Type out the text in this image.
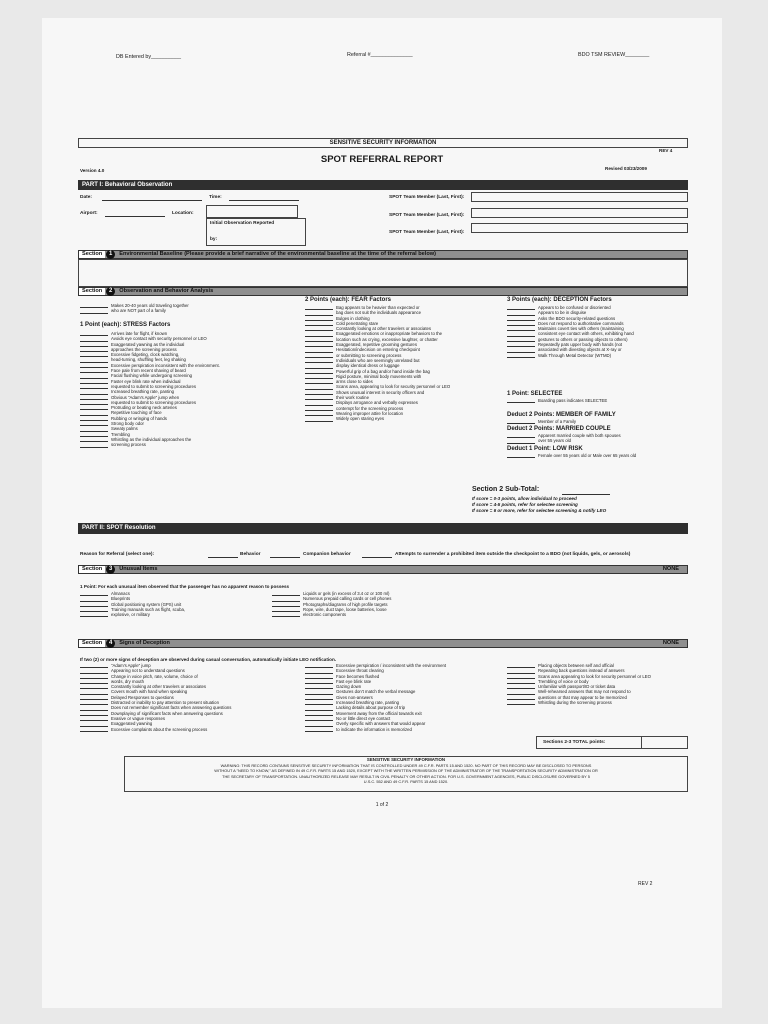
DB Entered by__________	Referral #______________	BDO TSM REVIEW________
SENSITIVE SECURITY INFORMATION
REV 4
SPOT REFERRAL REPORT
Version 4.0	Revised 03/23/2009
PART I: Behavioral Observation
Date:	Time:
Airport:	Location:
Initial Observation Reported
by:
SPOT Team Member (Last, First):
SPOT Team Member (Last, First):
SPOT Team Member (Last, First):
Section 1 Environmental Baseline (Please provide a brief narrative of the environmental baseline at the time of the referral below)
Section 2 Observation and Behavior Analysis
Makes 20-40 years old traveling together
who are NOT part of a family
1 Point (each): STRESS Factors
Arrives late for flight, if known
Avoids eye contact with security personnel or LEO
Exaggerated yawning as the individual
approaches the screening process
Excessive fidgeting, clock watching,
head-turning, shuffling feet, leg shaking
Excessive perspiration inconsistent with the environment.
Face pale from recent shaving of beard
Facial flushing while undergoing screening
Faster eye blink rate when individual
requested to submit to screening procedures
Increased breathing rate, panting
Obvious "Adam's Apple" jump when
requested to submit to screening procedures
Protruding or beating neck arteries
Repetitive touching of face
Rubbing or wringing of hands
Strong body odor
Sweaty palms
Trembling
Whistling as the individual approaches the
screening process
2 Points (each): FEAR Factors
Bag appears to be heavier than expected or
bag does not suit the individuals appearance
Bulges in clothing
Cold penetrating stare
Constantly looking at other travelers or associates
Exaggerated emotions or inappropriate behaviors to the
location such as crying, excessive laughter, or chatter
Exaggerated, repetitive grooming gestures
Hesitation/indecision on entering checkpoint
or submitting to screening process
Individuals who are seemingly unrelated but
display identical dress or luggage
Powerful grip of a bag and/or hand inside the bag
Rigid posture, minimal body movements with
arms close to sides
Scans area, appearing to look for security personnel or LEO
Shows unusual interest in security officers and
their work routine
Displays arrogance and verbally expresses
contempt for the screening process
Wearing improper attire for location
Widely open staring eyes
3 Points (each): DECEPTION Factors
Appears to be confused or disoriented
Appears to be in disguise
Asks the BDO security-related questions
Does not respond to authoritative commands
Maintains covert ties with others (maintaining
consistent eye contact with others, exhibiting hand
gestures to others or passing objects to others)
Repeatedly pats upper body with hands (not
associated with divesting objects at X-ray or
Walk Through Metal Detector (WTMD)
1 Point: SELECTEE
Boarding pass indicates SELECTEE
Deduct 2 Points: MEMBER OF FAMILY
Member of a Family
Deduct 2 Points: MARRIED COUPLE
Apparent married couple with both spouses
over 55 years old
Deduct 1 Point: LOW RISK
Female over 55 years old or Male over 65 years old
Section 2 Sub-Total:
If score = 0-3 points, allow individual to proceed
If score = 4-5 points, refer for selectee screening
If score = 6 or more, refer for selectee screening & notify LEO
PART II: SPOT Resolution
Reason for Referral (select one):	Behavior	Companion behavior	Attempts to surrender a prohibited item outside the checkpoint to a BDO (not liquids, gels, or aerosols)
Section 3 Unusual Items	NONE
1 Point: For each unusual item observed that the passenger has no apparent reason to possess
Almanacs
Blueprints
Global positioning system (GPS) unit
Training manuals such as flight, scuba,
explosive, or military
Liquids or gels (in excess of 3.4 oz or 100 ml)
Numerous prepaid calling cards or cell phones
Photographs/diagrams of high profile targets
Rope, wire, duct tape, loose batteries, loose
electronic components
Section 4 Signs of Deception	NONE
If two (2) or more signs of deception are observed during casual conversation, automatically initiate LEO notification.
"Adam's Apple" jump
Appearing not to understand questions
Change in voice pitch, rate, volume, choice of
words, dry mouth
Constantly looking at other travelers or associates
Covers mouth with hand when speaking
Delayed Responses to questions
Distracted or inability to pay attention to present situation
Does not remember significant facts when answering questions
Downplaying of significant facts when answering questions
Evasive or vague responses
Exaggerated yawning
Excessive complaints about the screening process
Excessive perspiration / inconsistent with the environment
Excessive throat clearing
Face becomes flushed
Fast eye blink rate
Gazing down
Gestures don't match the verbal message
Gives non-answers
Increased breathing rate, panting
Lacking details about purpose of trip
Movement away from the official towards exit
No or little direct eye contact
Overly specific with answers that would appear
to indicate the information is memorized
Placing objects between self and official
Repeating back questions instead of answers
Scans area appearing to look for security personnel or LEO
Trembling of voice or body
Unfamiliar with passport/ID or ticket data
Well-rehearsed answers that may not respond to
questions or that may appear to be memorized
Whistling during the screening process
Sections 2-3 TOTAL points:
SENSITIVE SECURITY INFORMATION
WARNING: THIS RECORD CONTAINS SENSITIVE SECURITY INFORMATION THAT IS CONTROLLED UNDER 49 C.F.R. PARTS 15 AND 1520. NO PART OF THIS RECORD MAY BE DISCLOSED TO PERSONS
WITHOUT A "NEED TO KNOW," AS DEFINED IN 49 C.F.R. PARTS 15 AND 1520, EXCEPT WITH THE WRITTEN PERMISSION OF THE ADMINISTRATOR OF THE TRANSPORTATION SECURITY ADMINISTRATION OR
THE SECRETARY OF TRANSPORTATION. UNAUTHORIZED RELEASE MAY RESULT IN CIVIL PENALTY OR OTHER ACTION. FOR U.S. GOVERNMENT AGENCIES, PUBLIC DISCLOSURE GOVERNED BY 5
U.S.C. 552 AND 49 C.F.R. PARTS 15 AND 1520.
1 of 2
REV 2
